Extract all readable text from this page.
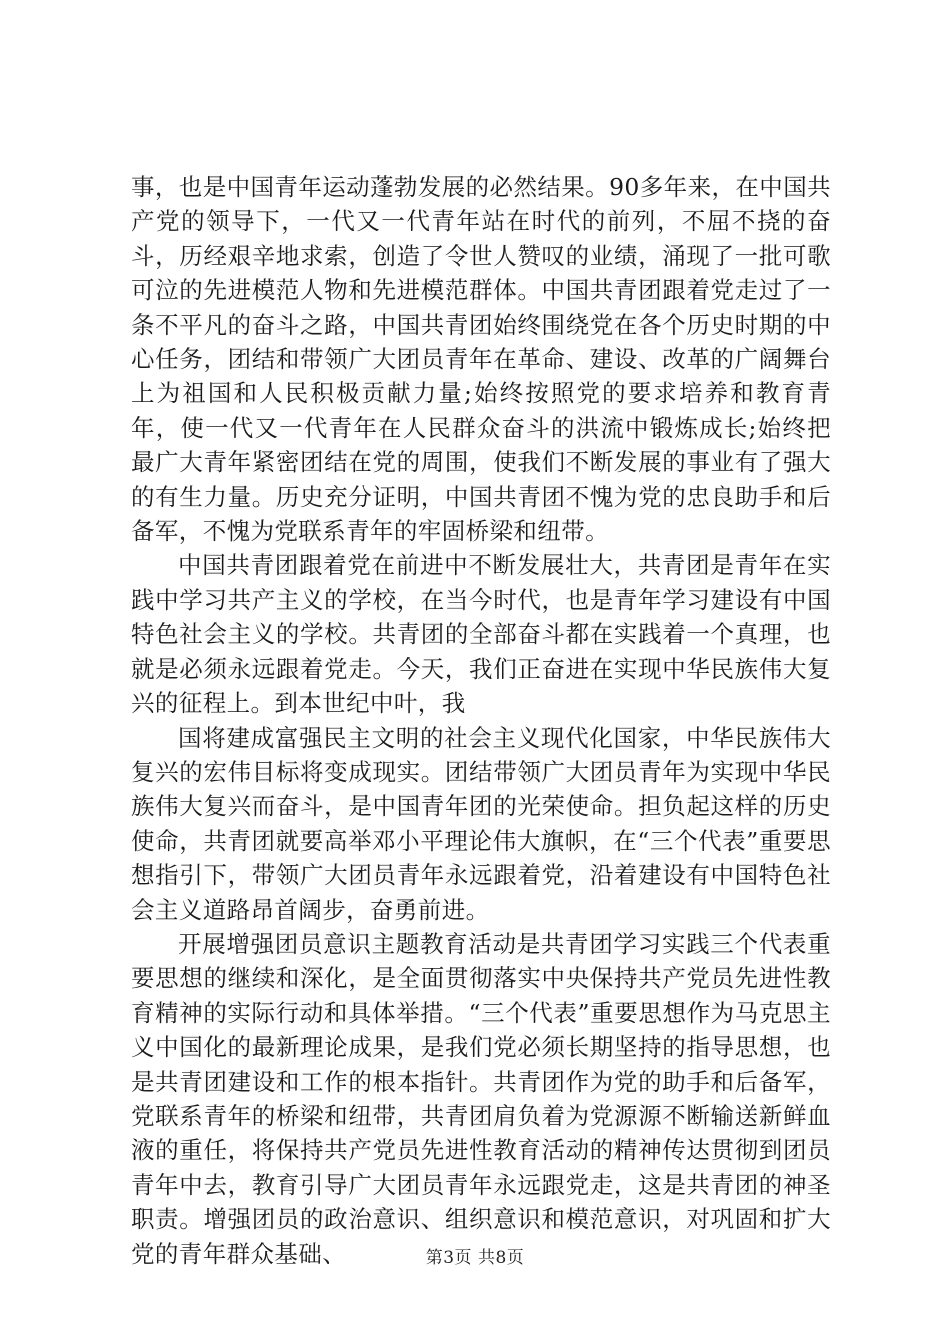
事，也是中国青年运动蓬勃发展的必然结果。90多年来，在中国共产党的领导下，一代又一代青年站在时代的前列，不屈不挠的奋斗，历经艰辛地求索，创造了令世人赞叹的业绩，涌现了一批可歌可泣的先进模范人物和先进模范群体。中国共青团跟着党走过了一条不平凡的奋斗之路，中国共青团始终围绕党在各个历史时期的中心任务，团结和带领广大团员青年在革命、建设、改革的广阔舞台上为祖国和人民积极贡献力量;始终按照党的要求培养和教育青年，使一代又一代青年在人民群众奋斗的洪流中锻炼成长;始终把最广大青年紧密团结在党的周围，使我们不断发展的事业有了强大的有生力量。历史充分证明，中国共青团不愧为党的忠良助手和后备军，不愧为党联系青年的牢固桥梁和纽带。

中国共青团跟着党在前进中不断发展壮大，共青团是青年在实践中学习共产主义的学校，在当今时代，也是青年学习建设有中国特色社会主义的学校。共青团的全部奋斗都在实践着一个真理，也就是必须永远跟着党走。今天，我们正奋进在实现中华民族伟大复兴的征程上。到本世纪中叶，我

国将建成富强民主文明的社会主义现代化国家，中华民族伟大复兴的宏伟目标将变成现实。团结带领广大团员青年为实现中华民族伟大复兴而奋斗，是中国青年团的光荣使命。担负起这样的历史使命，共青团就要高举邓小平理论伟大旗帜，在“三个代表”重要思想指引下，带领广大团员青年永远跟着党，沿着建设有中国特色社会主义道路昂首阔步，奋勇前进。

开展增强团员意识主题教育活动是共青团学习实践三个代表重要思想的继续和深化，是全面贯彻落实中央保持共产党员先进性教育精神的实际行动和具体举措。“三个代表”重要思想作为马克思主义中国化的最新理论成果，是我们党必须长期坚持的指导思想，也是共青团建设和工作的根本指针。共青团作为党的助手和后备军，党联系青年的桥梁和纽带，共青团肩负着为党源源不断输送新鲜血液的重任，将保持共产党员先进性教育活动的精神传达贯彻到团员青年中去，教育引导广大团员青年永远跟党走，这是共青团的神圣职责。增强团员的政治意识、组织意识和模范意识，对巩固和扩大党的青年群众基础、	第3页 共8页
